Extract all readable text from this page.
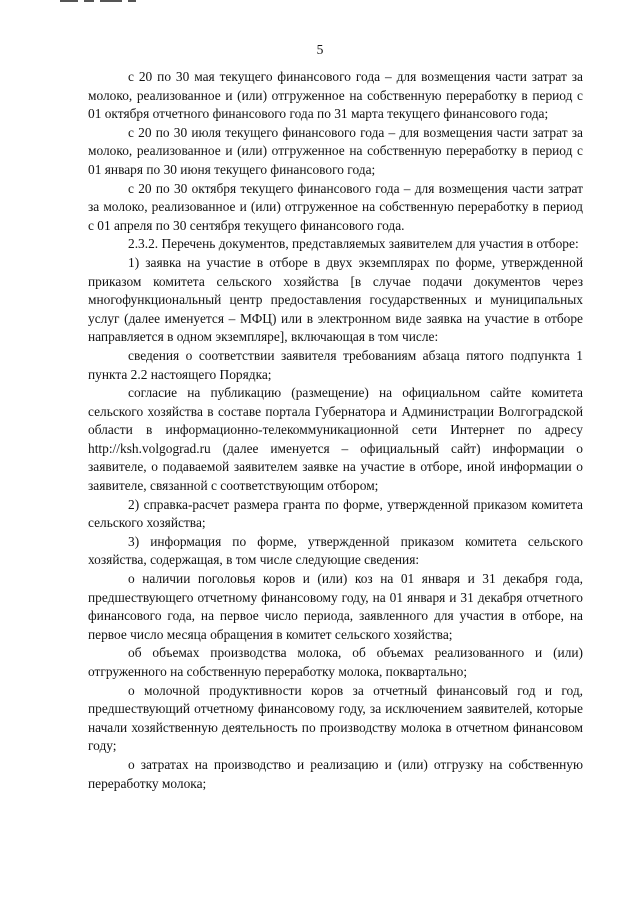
5

с 20 по 30 мая текущего финансового года – для возмещения части затрат за молоко, реализованное и (или) отгруженное на собственную переработку в период с 01 октября отчетного финансового года по 31 марта текущего финансового года;

с 20 по 30 июля текущего финансового года – для возмещения части затрат за молоко, реализованное и (или) отгруженное на собственную переработку в период с 01 января по 30 июня текущего финансового года;

с 20 по 30 октября текущего финансового года – для возмещения части затрат за молоко, реализованное и (или) отгруженное на собственную переработку в период с 01 апреля по 30 сентября текущего финансового года.

2.3.2. Перечень документов, представляемых заявителем для участия в отборе:

1) заявка на участие в отборе в двух экземплярах по форме, утвержденной приказом комитета сельского хозяйства [в случае подачи документов через многофункциональный центр предоставления государственных и муниципальных услуг (далее именуется – МФЦ) или в электронном виде заявка на участие в отборе направляется в одном экземпляре], включающая в том числе:

сведения о соответствии заявителя требованиям абзаца пятого подпункта 1 пункта 2.2 настоящего Порядка;

согласие на публикацию (размещение) на официальном сайте комитета сельского хозяйства в составе портала Губернатора и Администрации Волгоградской области в информационно-телекоммуникационной сети Интернет по адресу http://ksh.volgograd.ru (далее именуется – официальный сайт) информации о заявителе, о подаваемой заявителем заявке на участие в отборе, иной информации о заявителе, связанной с соответствующим отбором;

2) справка-расчет размера гранта по форме, утвержденной приказом комитета сельского хозяйства;

3) информация по форме, утвержденной приказом комитета сельского хозяйства, содержащая, в том числе следующие сведения:

о наличии поголовья коров и (или) коз на 01 января и 31 декабря года, предшествующего отчетному финансовому году, на 01 января и 31 декабря отчетного финансового года, на первое число периода, заявленного для участия в отборе, на первое число месяца обращения в комитет сельского хозяйства;

об объемах производства молока, об объемах реализованного и (или) отгруженного на собственную переработку молока, поквартально;

о молочной продуктивности коров за отчетный финансовый год и год, предшествующий отчетному финансовому году, за исключением заявителей, которые начали хозяйственную деятельность по производству молока в отчетном финансовом году;

о затратах на производство и реализацию и (или) отгрузку на собственную переработку молока;
